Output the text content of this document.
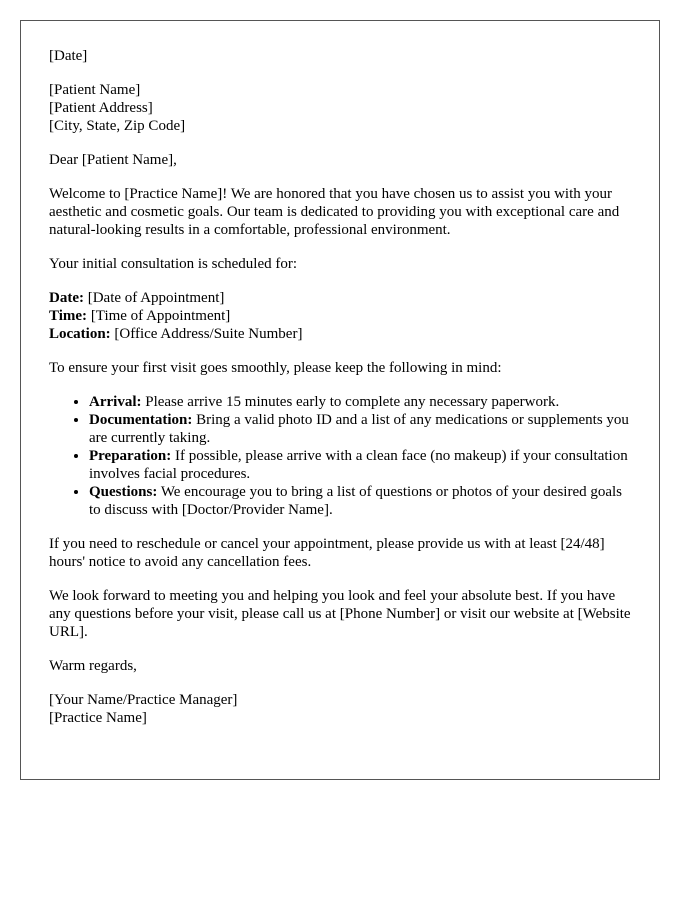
[Date]

[Patient Name]
[Patient Address]
[City, State, Zip Code]

Dear [Patient Name],

Welcome to [Practice Name]! We are honored that you have chosen us to assist you with your aesthetic and cosmetic goals. Our team is dedicated to providing you with exceptional care and natural-looking results in a comfortable, professional environment.

Your initial consultation is scheduled for:

Date: [Date of Appointment]
Time: [Time of Appointment]
Location: [Office Address/Suite Number]

To ensure your first visit goes smoothly, please keep the following in mind:

• Arrival: Please arrive 15 minutes early to complete any necessary paperwork.
• Documentation: Bring a valid photo ID and a list of any medications or supplements you are currently taking.
• Preparation: If possible, please arrive with a clean face (no makeup) if your consultation involves facial procedures.
• Questions: We encourage you to bring a list of questions or photos of your desired goals to discuss with [Doctor/Provider Name].

If you need to reschedule or cancel your appointment, please provide us with at least [24/48] hours' notice to avoid any cancellation fees.

We look forward to meeting you and helping you look and feel your absolute best. If you have any questions before your visit, please call us at [Phone Number] or visit our website at [Website URL].

Warm regards,

[Your Name/Practice Manager]
[Practice Name]
